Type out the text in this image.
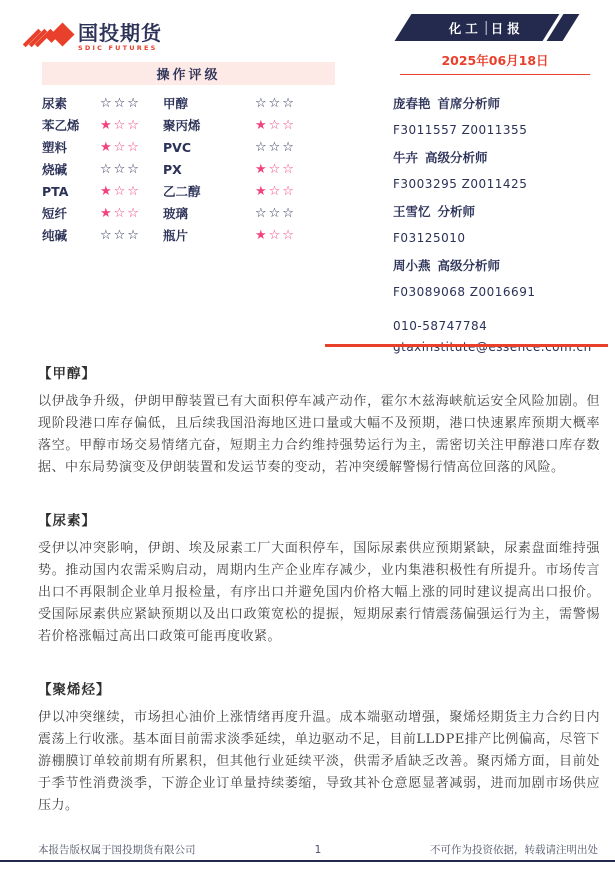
国投期货
SDIC FUTURES
化工 日报
2025年06月18日
庞春艳 首席分析师
F3011557 Z0011355
牛卉 高级分析师
F3003295 Z0011425
王雪忆 分析师
F03125010
周小燕 高级分析师
F03089068 Z0016691
010-58747784
操作评级
尿素	☆☆☆	甲醇	☆☆☆
苯乙烯	★☆☆	聚丙烯	★☆☆
塑料	★☆☆	PVC	☆☆☆
烧碱	☆☆☆	PX	★☆☆
PTA	★☆☆	乙二醇	★☆☆
短纤	★☆☆	玻璃	☆☆☆
纯碱	☆☆☆	瓶片	★☆☆
【甲醇】

以伊战争升级，伊朗甲醇装置已有大面积停车减产动作，霍尔木兹海峡航运安全风险加剧。但现阶段港口库存偏低，且后续我国沿海地区进口量或大幅不及预期，港口快速累库预期大概率落空。甲醇市场交易情绪亢奋，短期主力合约维持强势运行为主，需密切关注甲醇港口库存数据、中东局势演变及伊朗装置和发运节奏的变动，若冲突缓解警惕行情高位回落的风险。

【尿素】

受伊以冲突影响，伊朗、埃及尿素工厂大面积停车，国际尿素供应预期紧缺，尿素盘面维持强势。推动国内农需采购启动，周期内生产企业库存减少，业内集港积极性有所提升。市场传言出口不再限制企业单月报检量，有序出口并避免国内价格大幅上涨的同时建议提高出口报价。受国际尿素供应紧缺预期以及出口政策宽松的提振，短期尿素行情震荡偏强运行为主，需警惕若价格涨幅过高出口政策可能再度收紧。

【聚烯烃】

伊以冲突继续，市场担心油价上涨情绪再度升温。成本端驱动增强，聚烯烃期货主力合约日内震荡上行收涨。基本面目前需求淡季延续，单边驱动不足，目前LLDPE排产比例偏高，尽管下游棚膜订单较前期有所累积，但其他行业延续平淡，供需矛盾缺乏改善。聚丙烯方面，目前处于季节性消费淡季，下游企业订单量持续萎缩，导致其补仓意愿显著减弱，进而加剧市场供应压力。

本报告版权属于国投期货有限公司	1	不可作为投资依据，转载请注明出处
